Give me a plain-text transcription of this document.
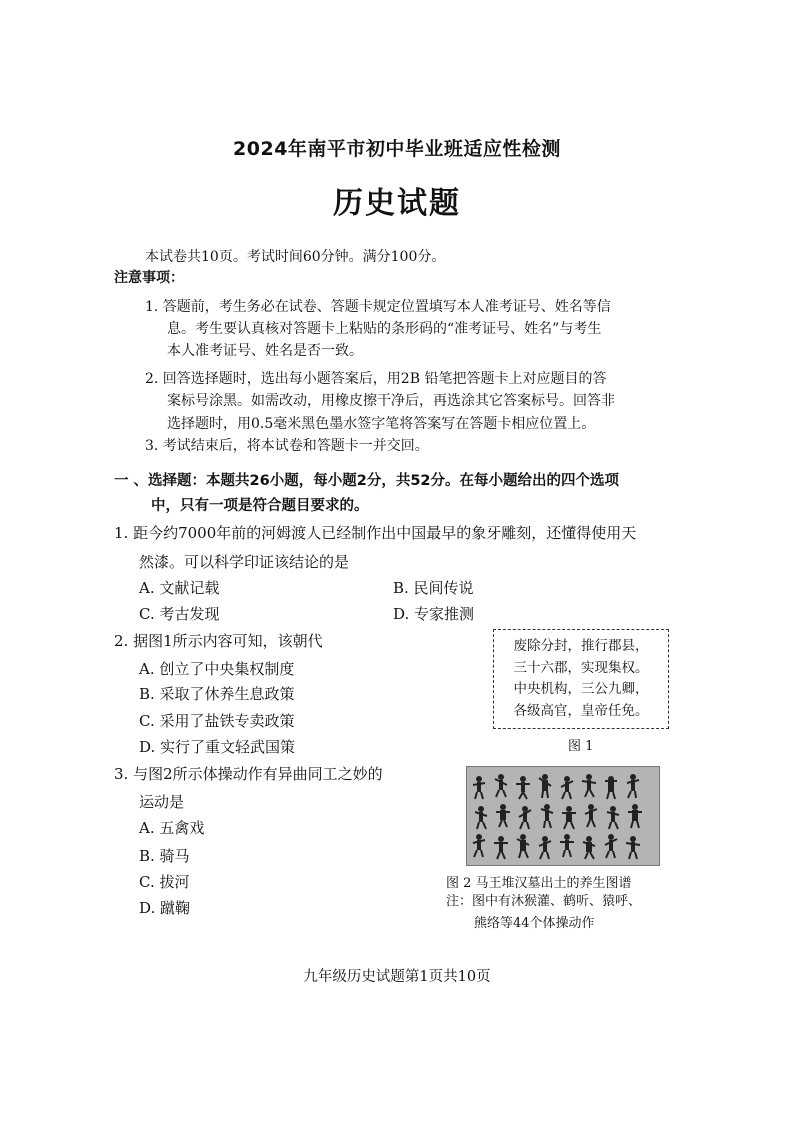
2024年南平市初中毕业班适应性检测
历史试题
本试卷共10页。考试时间60分钟。满分100分。
注意事项：
1. 答题前，考生务必在试卷、答题卡规定位置填写本人准考证号、姓名等信
息。考生要认真核对答题卡上粘贴的条形码的“准考证号、姓名”与考生
本人准考证号、姓名是否一致。
2. 回答选择题时，选出每小题答案后，用2B 铅笔把答题卡上对应题目的答
案标号涂黑。如需改动，用橡皮擦干净后，再选涂其它答案标号。回答非
选择题时，用0.5毫米黑色墨水签字笔将答案写在答题卡相应位置上。
3. 考试结束后，将本试卷和答题卡一并交回。
一 、选择题：本题共26小题，每小题2分，共52分。在每小题给出的四个选项
中，只有一项是符合题目要求的。
1. 距今约7000年前的河姆渡人已经制作出中国最早的象牙雕刻，还懂得使用天
然漆。可以科学印证该结论的是
A. 文献记载	B. 民间传说
C. 考古发现	D. 专家推测
2. 据图1所示内容可知，该朝代
A. 创立了中央集权制度
B. 采取了休养生息政策
C. 采用了盐铁专卖政策
D. 实行了重文轻武国策
废除分封，推行郡县，
三十六郡，实现集权。
中央机构，三公九卿，
各级高官，皇帝任免。
图 1
3. 与图2所示体操动作有异曲同工之妙的
运动是
A. 五禽戏
B. 骑马
C. 拔河
D. 蹴鞠
图 2 马王堆汉墓出土的养生图谱
注：图中有沐猴灌、鹤听、猿呼、
熊络等44个体操动作
九年级历史试题第1页共10页
